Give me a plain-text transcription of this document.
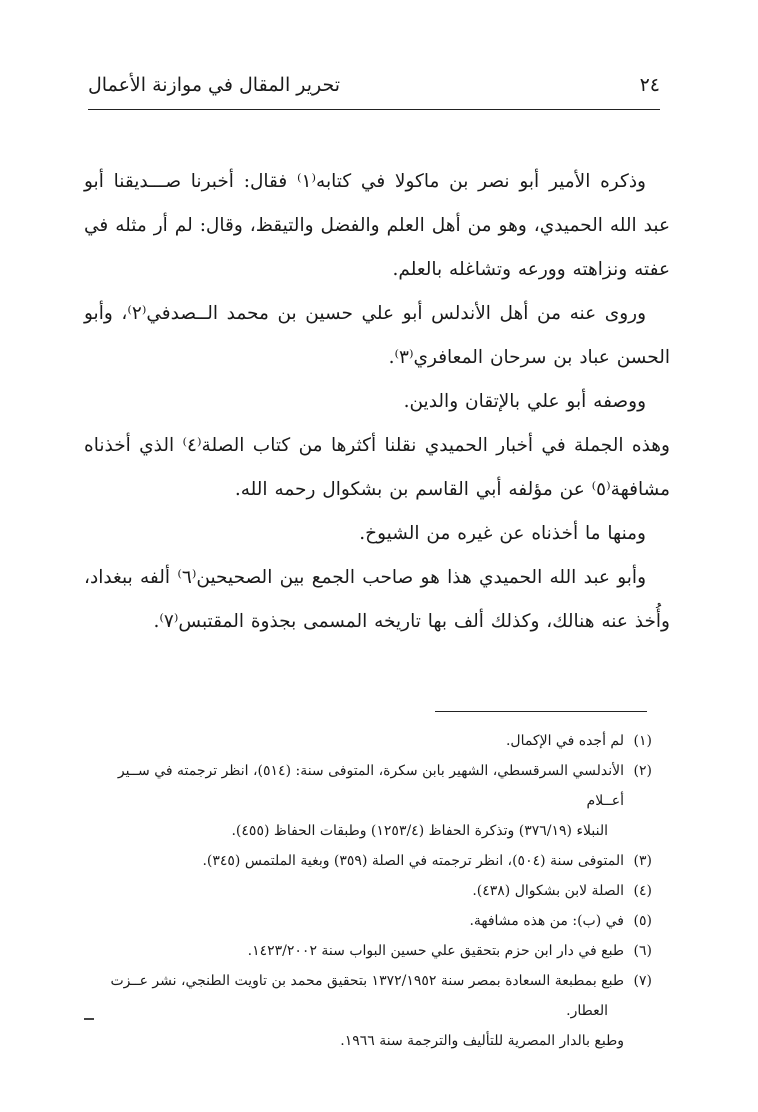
٢٤
تحرير المقال في موازنة الأعمال

وذكره الأمير أبو نصر بن ماكولا في كتابه⁽١⁾ فقال: أخبرنا صـــديقنا أبو عبد الله الحميدي، وهو من أهل العلم والفضل والتيقظ، وقال: لم أر مثله في عفته ونزاهته وورعه وتشاغله بالعلم.

وروى عنه من أهل الأندلس أبو علي حسين بن محمد الــصدفي⁽٢⁾، وأبو الحسن عباد بن سرحان المعافري⁽٣⁾.

ووصفه أبو علي بالإتقان والدين.

وهذه الجملة في أخبار الحميدي نقلنا أكثرها من كتاب الصلة⁽٤⁾ الذي أخذناه مشافهة⁽٥⁾ عن مؤلفه أبي القاسم بن بشكوال رحمه الله.

ومنها ما أخذناه عن غيره من الشيوخ.

وأبو عبد الله الحميدي هذا هو صاحب الجمع بين الصحيحين⁽٦⁾ ألفه ببغداد، وأُخذ عنه هنالك، وكذلك ألف بها تاريخه المسمى بجذوة المقتبس⁽٧⁾.

(١)
لم أجده في الإكمال.

(٢)
الأندلسي السرقسطي، الشهير بابن سكرة، المتوفى سنة: (٥١٤)، انظر ترجمته في ســير أعــلام
النبلاء (٣٧٦/١٩) وتذكرة الحفاظ (١٢٥٣/٤) وطبقات الحفاظ (٤٥٥).

(٣)
المتوفى سنة (٥٠٤)، انظر ترجمته في الصلة (٣٥٩) وبغية الملتمس (٣٤٥).

(٤)
الصلة لابن بشكوال (٤٣٨).

(٥)
في (ب): من هذه مشافهة.

(٦)
طبع في دار ابن حزم بتحقيق علي حسين البواب سنة ١٤٢٣/٢٠٠٢.

(٧)
طبع بمطبعة السعادة بمصر سنة ١٣٧٢/١٩٥٢ بتحقيق محمد بن تاويت الطنجي، نشر عــزت
العطار.

وطبع بالدار المصرية للتأليف والترجمة سنة ١٩٦٦.
